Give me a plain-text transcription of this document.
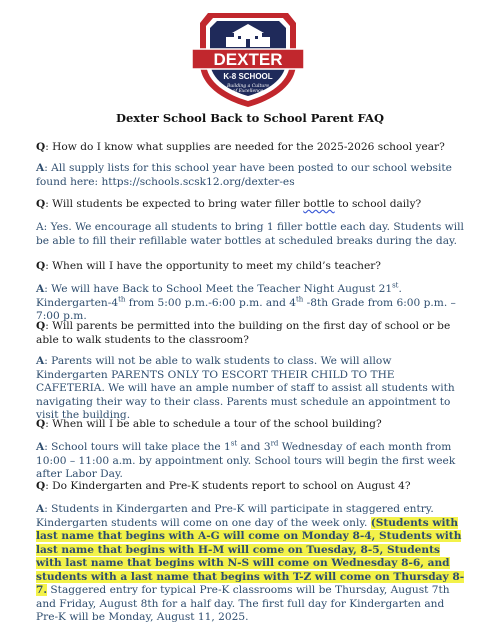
DEXTER
K-8 SCHOOL
Building a Culture
of Excellence
Dexter School Back to School Parent FAQ
Q: How do I know what supplies are needed for the 2025-2026 school year?
A: All supply lists for this school year have been posted to our school website found here: https://schools.scsk12.org/dexter-es
Q: Will students be expected to bring water filler bottle to school daily?
A: Yes. We encourage all students to bring 1 filler bottle each day. Students will be able to fill their refillable water bottles at scheduled breaks during the day.
Q: When will I have the opportunity to meet my child’s teacher?
A: We will have Back to School Meet the Teacher Night August 21st. Kindergarten-4th from 5:00 p.m.-6:00 p.m. and 4th -8th Grade from 6:00 p.m. – 7:00 p.m.
Q: Will parents be permitted into the building on the first day of school or be able to walk students to the classroom?
A: Parents will not be able to walk students to class. We will allow Kindergarten PARENTS ONLY TO ESCORT THEIR CHILD TO THE CAFETERIA. We will have an ample number of staff to assist all students with navigating their way to their class. Parents must schedule an appointment to visit the building.
Q: When will I be able to schedule a tour of the school building?
A: School tours will take place the 1st and 3rd Wednesday of each month from 10:00 – 11:00 a.m. by appointment only. School tours will begin the first week after Labor Day.
Q: Do Kindergarten and Pre-K students report to school on August 4?
A: Students in Kindergarten and Pre-K will participate in staggered entry. Kindergarten students will come on one day of the week only. (Students with last name that begins with A-G will come on Monday 8-4, Students with last name that begins with H-M will come on Tuesday, 8-5, Students with last name that begins with N-S will come on Wednesday 8-6, and students with a last name that begins with T-Z will come on Thursday 8-7. Staggered entry for typical Pre-K classrooms will be Thursday, August 7th and Friday, August 8th for a half day. The first full day for Kindergarten and Pre-K will be Monday, August 11, 2025.
